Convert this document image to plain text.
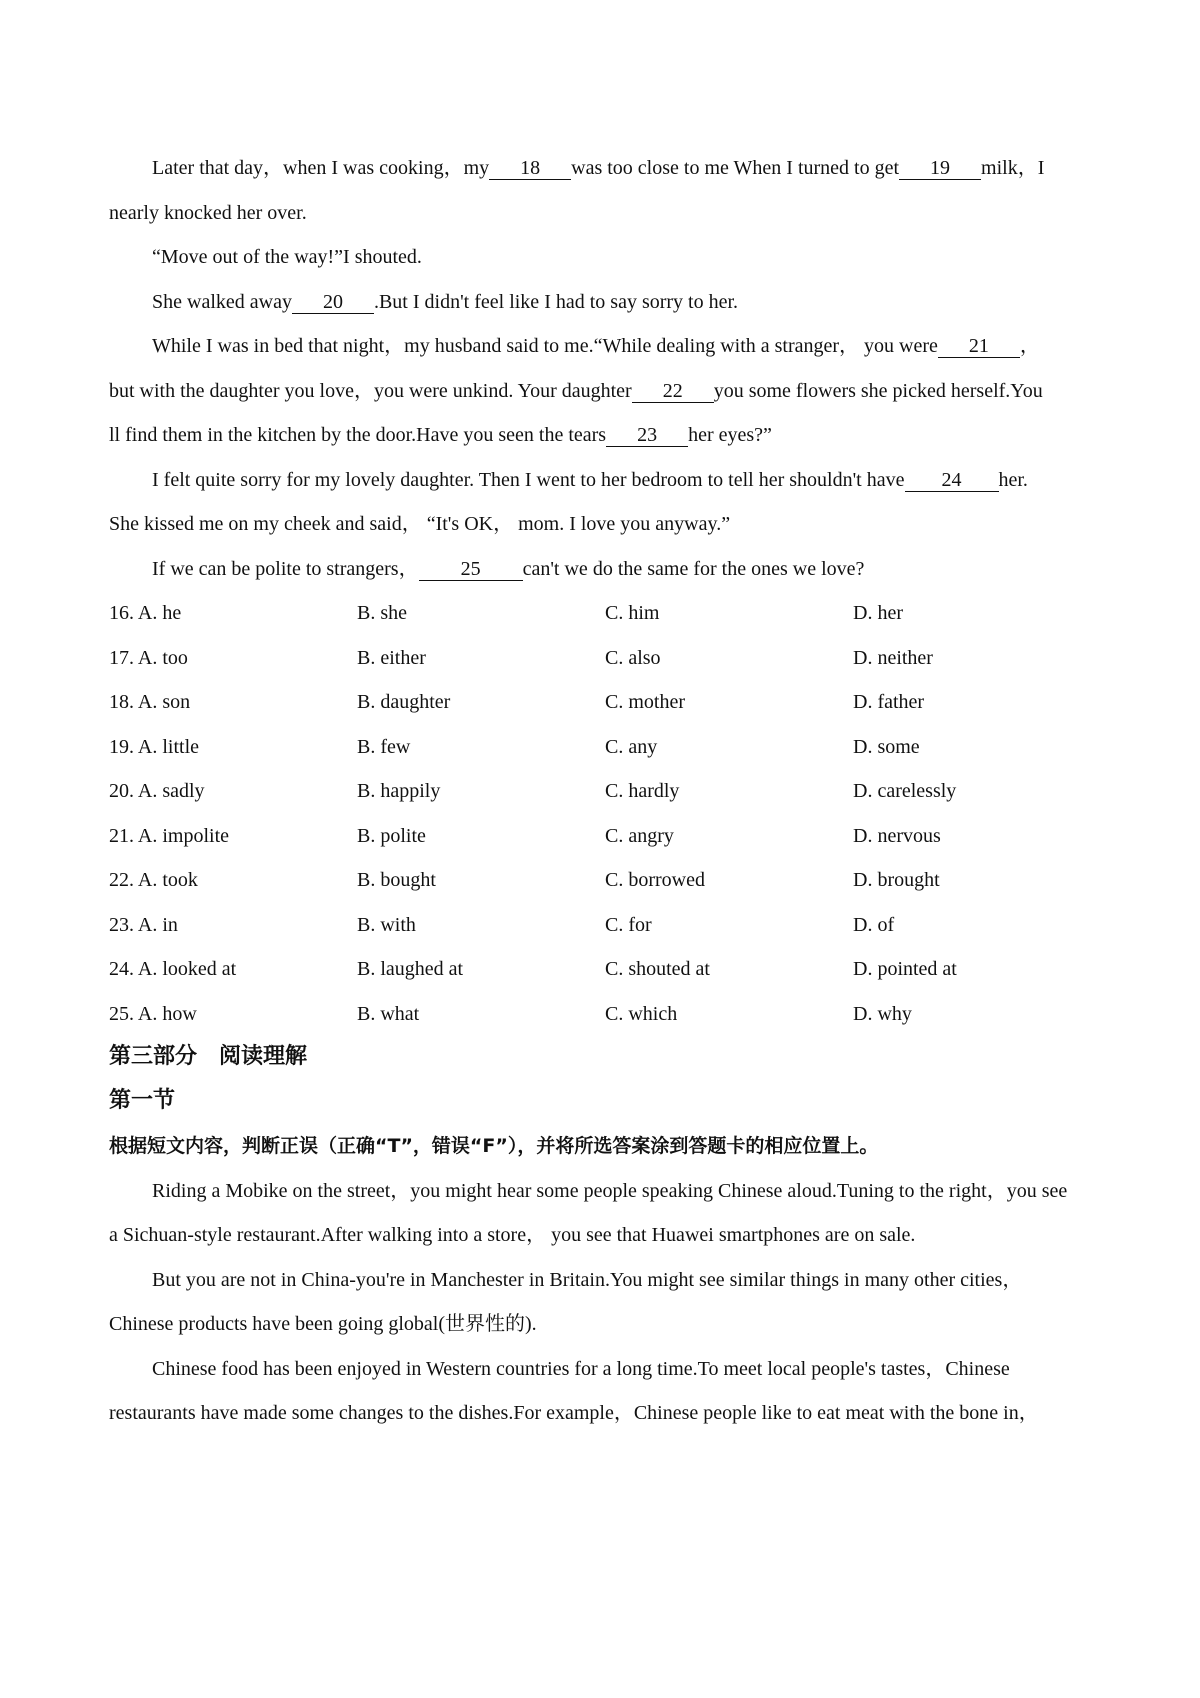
Later that day，when I was cooking，my 18 was too close to me When I turned to get 19 milk，I
nearly knocked her over.
“Move out of the way!”I shouted.
She walked away 20 .But I didn't feel like I had to say sorry to her.
While I was in bed that night，my husband said to me.“While dealing with a stranger， you were 21 ，
but with the daughter you love，you were unkind. Your daughter 22 you some flowers she picked herself.You
ll find them in the kitchen by the door.Have you seen the tears 23 her eyes?”
I felt quite sorry for my lovely daughter. Then I went to her bedroom to tell her shouldn't have 24 her.
She kissed me on my cheek and said， “It's OK， mom. I love you anyway.”
If we can be polite to strangers， 25 can't we do the same for the ones we love?
16. A. he	B. she	C. him	D. her
17. A. too	B. either	C. also	D. neither
18. A. son	B. daughter	C. mother	D. father
19. A. little	B. few	C. any	D. some
20. A. sadly	B. happily	C. hardly	D. carelessly
21. A. impolite	B. polite	C. angry	D. nervous
22. A. took	B. bought	C. borrowed	D. brought
23. A. in	B. with	C. for	D. of
24. A. looked at	B. laughed at	C. shouted at	D. pointed at
25. A. how	B. what	C. which	D. why
第三部分　阅读理解
第一节
根据短文内容，判断正误（正确“T”，错误“F”），并将所选答案涂到答题卡的相应位置上。
Riding a Mobike on the street，you might hear some people speaking Chinese aloud.Tuning to the right，you see
a Sichuan-style restaurant.After walking into a store， you see that Huawei smartphones are on sale.
But you are not in China-you're in Manchester in Britain.You might see similar things in many other cities，
Chinese products have been going global(世界性的).
Chinese food has been enjoyed in Western countries for a long time.To meet local people's tastes，Chinese
restaurants have made some changes to the dishes.For example，Chinese people like to eat meat with the bone in，
